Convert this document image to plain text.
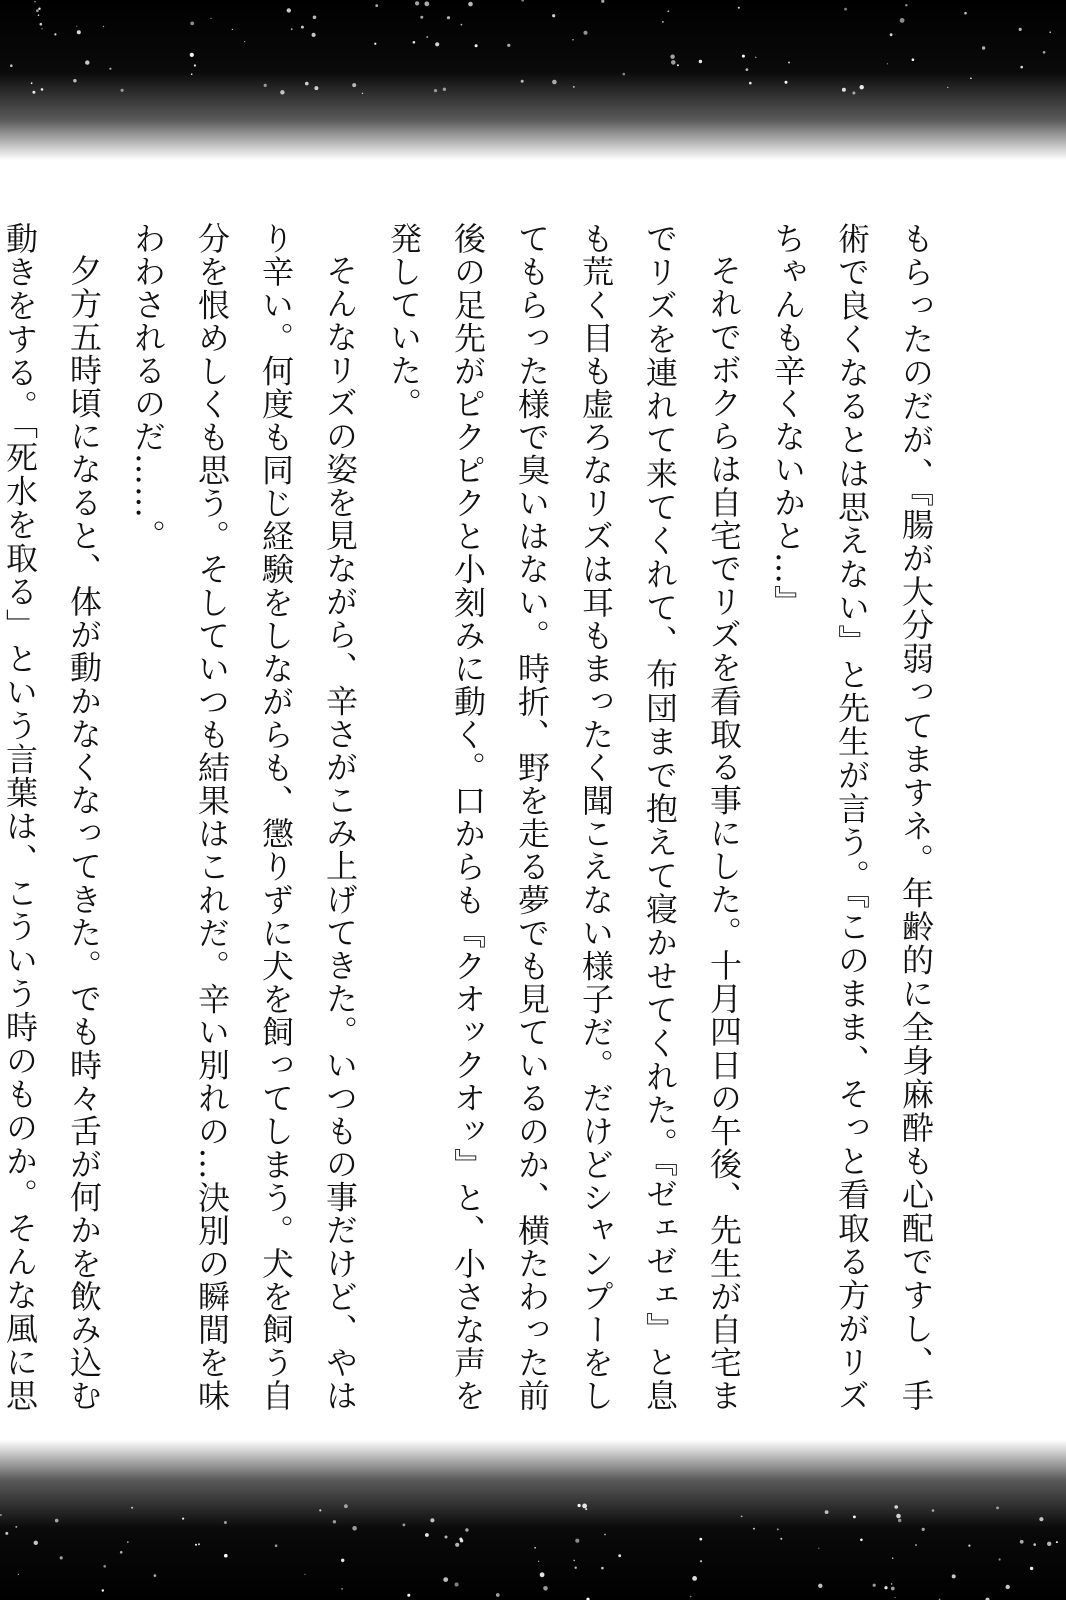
もらったのだが、『腸が大分弱ってますネ。年齢的に全身麻酔も心配ですし、手術で良くなるとは思えない』と先生が言う。『このまま、そっと看取る方がリズちゃんも辛くないかと…』

それでボクらは自宅でリズを看取る事にした。十月四日の午後、先生が自宅までリズを連れて来てくれて、布団まで抱えて寝かせてくれた。『ゼェゼェ』と息も荒く目も虚ろなリズは耳もまったく聞こえない様子だ。だけどシャンプーをしてもらった様で臭いはない。時折、野を走る夢でも見ているのか、横たわった前後の足先がピクピクと小刻みに動く。口からも『クオックオッ』と、小さな声を発していた。

そんなリズの姿を見ながら、辛さがこみ上げてきた。いつもの事だけど、やはり辛い。何度も同じ経験をしながらも、懲りずに犬を飼ってしまう。犬を飼う自分を恨めしくも思う。そしていつも結果はこれだ。辛い別れの…決別の瞬間を味わわされるのだ……。

夕方五時頃になると、体が動かなくなってきた。でも時々舌が何かを飲み込む動きをする。「死水を取る」という言葉は、こういう時のものか。そんな風に思
